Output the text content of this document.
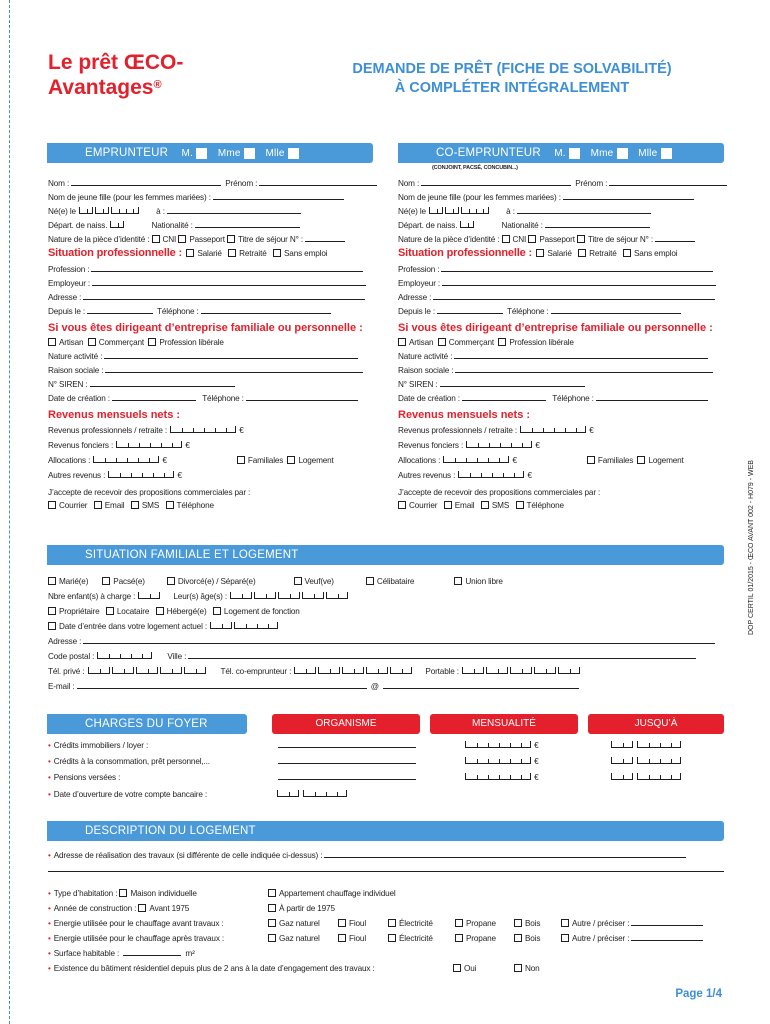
Le prêt ŒCO-
Avantages®
DEMANDE DE PRÊT (FICHE DE SOLVABILITÉ)
À COMPLÉTER INTÉGRALEMENT
EMPRUNTEUR M. Mme Mlle	CO-EMPRUNTEUR M. Mme Mlle
(CONJOINT, PACSÉ, CONCUBIN...)
Nom :	Prénom :
Nom de jeune fille (pour les femmes mariées) :
Né(e) le	à :
Départ. de naiss.	Nationalité :
Nature de la pièce d’identité : CNI Passeport Titre de séjour N° :
Situation professionnelle : Salarié Retraité Sans emploi
Profession :
Employeur :
Adresse :
Depuis le :	Téléphone :
Si vous êtes dirigeant d’entreprise familiale ou personnelle :
Artisan Commerçant Profession libérale
Nature activité :
Raison sociale :
N° SIREN :
Date de création :	Téléphone :
Revenus mensuels nets :
Revenus professionnels / retraite :	€
Revenus fonciers :	€
Allocations :	€	Familiales Logement
Autres revenus :	€
J’accepte de recevoir des propositions commerciales par :
Courrier Email SMS Téléphone
Nom :	Prénom :
Nom de jeune fille (pour les femmes mariées) :
Né(e) le	à :
Départ. de naiss.	Nationalité :
Nature de la pièce d’identité : CNI Passeport Titre de séjour N° :
Situation professionnelle : Salarié Retraité Sans emploi
Profession :
Employeur :
Adresse :
Depuis le :	Téléphone :
Si vous êtes dirigeant d’entreprise familiale ou personnelle :
Artisan Commerçant Profession libérale
Nature activité :
Raison sociale :
N° SIREN :
Date de création :	Téléphone :
Revenus mensuels nets :
Revenus professionnels / retraite :	€
Revenus fonciers :	€
Allocations :	€	Familiales Logement
Autres revenus :	€
J’accepte de recevoir des propositions commerciales par :
Courrier Email SMS Téléphone	DOP CERTIL 01/2015 - ŒCO AVANT 002 - H079 - WEB
SITUATION FAMILIALE ET LOGEMENT
Marié(e)	Pacsé(e)	Divorcé(e) / Séparé(e)	Veuf(ve)	Célibataire	Union libre
Nbre enfant(s) à charge :	Leur(s) âge(s) :
Propriétaire Locataire Hébergé(e) Logement de fonction
Date d’entrée dans votre logement actuel :
Adresse :
Code postal :	Ville :
Tél. privé :	Tél. co-emprunteur :	Portable :
E-mail :	@
CHARGES DU FOYER	ORGANISME	MENSUALITÉ	JUSQU’À
• Crédits immobiliers / loyer :	€

• Crédits à la consommation, prêt personnel,...	€

• Pensions versées :	€

• Date d’ouverture de votre compte bancaire :

DESCRIPTION DU LOGEMENT
• Adresse de réalisation des travaux (si différente de celle indiquée ci-dessus) :
• Type d’habitation : Maison individuelle	Appartement chauffage individuel
• Année de construction : Avant 1975	À partir de 1975
• Energie utilisée pour le chauffage avant travaux :	Gaz naturel	Fioul	Électricité	Propane	Bois	Autre / préciser :
• Energie utilisée pour le chauffage après travaux :	Gaz naturel	Fioul	Électricité	Propane	Bois	Autre / préciser :
• Surface habitable :	m²
• Existence du bâtiment résidentiel depuis plus de 2 ans à la date d’engagement des travaux :	Oui	Non
Page 1/4
